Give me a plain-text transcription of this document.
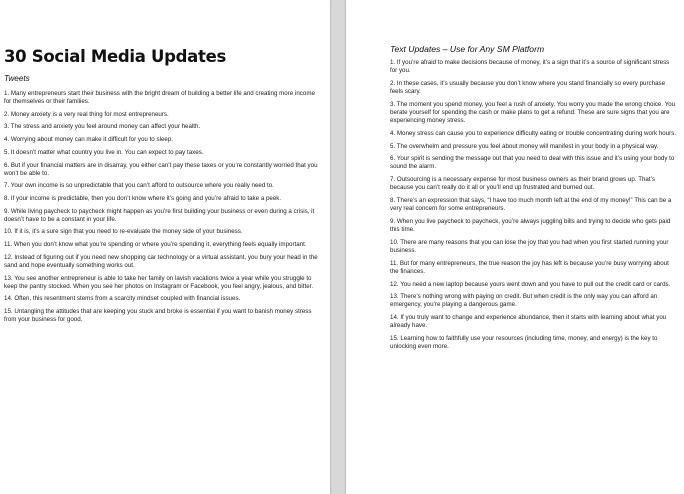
30 Social Media Updates
Tweets
1. Many entrepreneurs start their business with the bright dream of building a better life and creating more income for themselves or their families.
2. Money anxiety is a very real thing for most entrepreneurs.
3. The stress and anxiety you feel around money can affect your health.
4. Worrying about money can make it difficult for you to sleep.
5. It doesn’t matter what country you live in. You can expect to pay taxes.
6. But if your financial matters are in disarray, you either can’t pay these taxes or you’re constantly worried that you won’t be able to.
7. Your own income is so unpredictable that you can’t afford to outsource where you really need to.
8. If your income is predictable, then you don’t know where it’s going and you’re afraid to take a peek.
9. While living paycheck to paycheck might happen as you’re first building your business or even during a crisis, it doesn’t have to be a constant in your life.
10. If it is, it’s a sure sign that you need to re-evaluate the money side of your business.
11. When you don’t know what you’re spending or where you’re spending it, everything feels equally important.
12. Instead of figuring out if you need new shopping car technology or a virtual assistant, you bury your head in the sand and hope eventually something works out.
13. You see another entrepreneur is able to take her family on lavish vacations twice a year while you struggle to keep the pantry stocked. When you see her photos on Instagram or Facebook, you feel angry, jealous, and bitter.
14. Often, this resentment stems from a scarcity mindset coupled with financial issues.
15. Untangling the attitudes that are keeping you stuck and broke is essential if you want to banish money stress from your business for good.
Text Updates – Use for Any SM Platform
1. If you’re afraid to make decisions because of money, it’s a sign that it’s a source of significant stress for you.
2. In these cases, it’s usually because you don’t know where you stand financially so every purchase feels scary.
3. The moment you spend money, you feel a rush of anxiety. You worry you made the wrong choice. You berate yourself for spending the cash or make plans to get a refund. These are sure signs that you are experiencing money stress.
4. Money stress can cause you to experience difficulty eating or trouble concentrating during work hours.
5. The overwhelm and pressure you feel about money will manifest in your body in a physical way.
6. Your spirit is sending the message out that you need to deal with this issue and it’s using your body to sound the alarm.
7. Outsourcing is a necessary expense for most business owners as their brand grows up. That’s because you can’t really do it all or you’ll end up frustrated and burned out.
8. There’s an expression that says, “I have too much month left at the end of my money!” This can be a very real concern for some entrepreneurs.
9. When you live paycheck to paycheck, you’re always juggling bills and trying to decide who gets paid this time.
10. There are many reasons that you can lose the joy that you had when you first started running your business.
11. But for many entrepreneurs, the true reason the joy has left is because you’re busy worrying about the finances.
12. You need a new laptop because yours went down and you have to pull out the credit card or cards.
13. There’s nothing wrong with paying on credit. But when credit is the only way you can afford an emergency, you’re playing a dangerous game.
14. If you truly want to change and experience abundance, then it starts with learning about what you already have.
15. Learning how to faithfully use your resources (including time, money, and energy) is the key to unlocking even more.
